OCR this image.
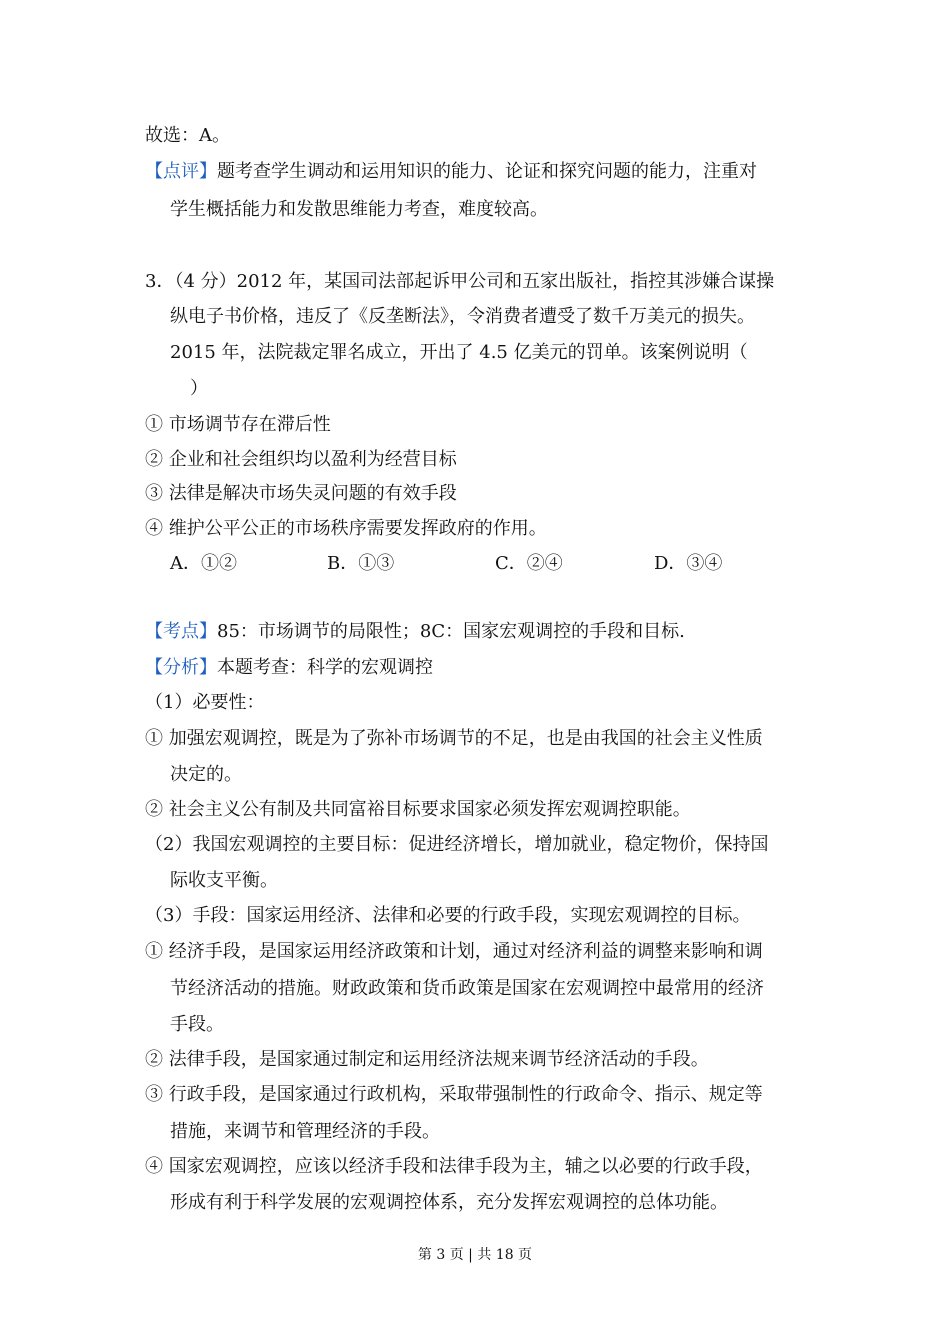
故选：A。
【点评】题考查学生调动和运用知识的能力、论证和探究问题的能力，注重对
学生概括能力和发散思维能力考查，难度较高。
3．（4 分）2012 年，某国司法部起诉甲公司和五家出版社，指控其涉嫌合谋操
纵电子书价格，违反了《反垄断法》，令消费者遭受了数千万美元的损失。
2015 年，法院裁定罪名成立，开出了 4.5 亿美元的罚单。该案例说明（
）
① 市场调节存在滞后性
② 企业和社会组织均以盈利为经营目标
③ 法律是解决市场失灵问题的有效手段
④ 维护公平公正的市场秩序需要发挥政府的作用。
A．①②	B．①③	C．②④	D．③④
【考点】85：市场调节的局限性；8C：国家宏观调控的手段和目标.
【分析】本题考查：科学的宏观调控
（1）必要性：
① 加强宏观调控，既是为了弥补市场调节的不足，也是由我国的社会主义性质
决定的。
② 社会主义公有制及共同富裕目标要求国家必须发挥宏观调控职能。
（2）我国宏观调控的主要目标：促进经济增长，增加就业，稳定物价，保持国
际收支平衡。
（3）手段：国家运用经济、法律和必要的行政手段，实现宏观调控的目标。
① 经济手段，是国家运用经济政策和计划，通过对经济利益的调整来影响和调
节经济活动的措施。财政政策和货币政策是国家在宏观调控中最常用的经济
手段。
② 法律手段，是国家通过制定和运用经济法规来调节经济活动的手段。
③ 行政手段，是国家通过行政机构，采取带强制性的行政命令、指示、规定等
措施，来调节和管理经济的手段。
④ 国家宏观调控，应该以经济手段和法律手段为主，辅之以必要的行政手段，
形成有利于科学发展的宏观调控体系，充分发挥宏观调控的总体功能。
第 3 页 | 共 18 页
